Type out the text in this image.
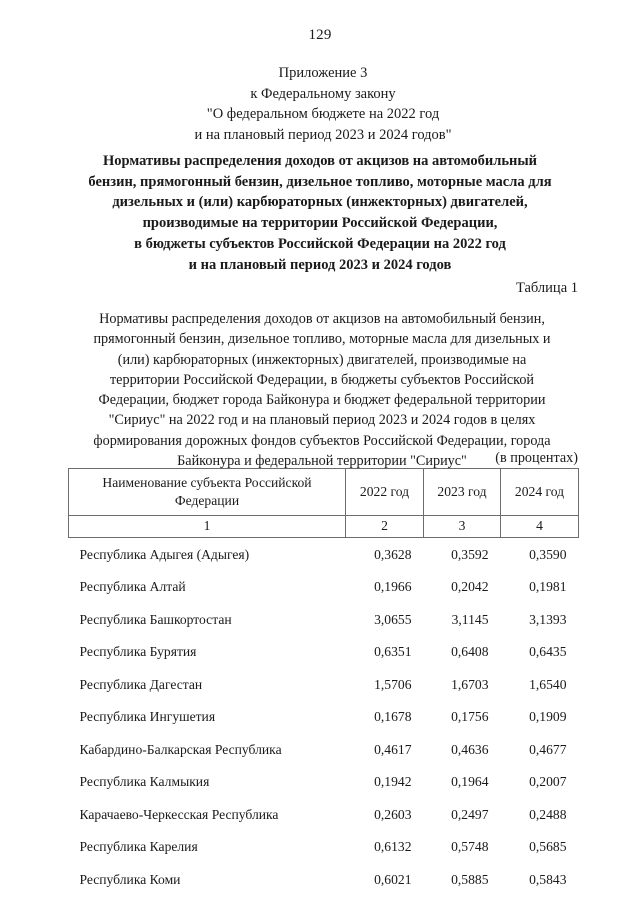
129
Приложение 3
к Федеральному закону
"О федеральном бюджете на 2022 год
и на плановый период 2023 и 2024 годов"
Нормативы распределения доходов от акцизов на автомобильный
бензин, прямогонный бензин, дизельное топливо, моторные масла для
дизельных и (или) карбюраторных (инжекторных) двигателей,
производимые на территории Российской Федерации,
в бюджеты субъектов Российской Федерации на 2022 год
и на плановый период 2023 и 2024 годов
Таблица 1
Нормативы распределения доходов от акцизов на автомобильный бензин,
прямогонный бензин, дизельное топливо, моторные масла для дизельных и
(или) карбюраторных (инжекторных) двигателей, производимые на
территории Российской Федерации, в бюджеты субъектов Российской
Федерации, бюджет города Байконура и бюджет федеральной территории
"Сириус" на 2022 год и на плановый период 2023 и 2024 годов в целях
формирования дорожных фондов субъектов Российской Федерации, города
Байконура и федеральной территории "Сириус"	(в процентах)
Наименование субъекта Российской Федерации	2022 год	2023 год	2024 год
1	2	3	4
Республика Адыгея (Адыгея)	0,3628	0,3592	0,3590
Республика Алтай	0,1966	0,2042	0,1981
Республика Башкортостан	3,0655	3,1145	3,1393
Республика Бурятия	0,6351	0,6408	0,6435
Республика Дагестан	1,5706	1,6703	1,6540
Республика Ингушетия	0,1678	0,1756	0,1909
Кабардино-Балкарская Республика	0,4617	0,4636	0,4677
Республика Калмыкия	0,1942	0,1964	0,2007
Карачаево-Черкесская Республика	0,2603	0,2497	0,2488
Республика Карелия	0,6132	0,5748	0,5685
Республика Коми	0,6021	0,5885	0,5843
